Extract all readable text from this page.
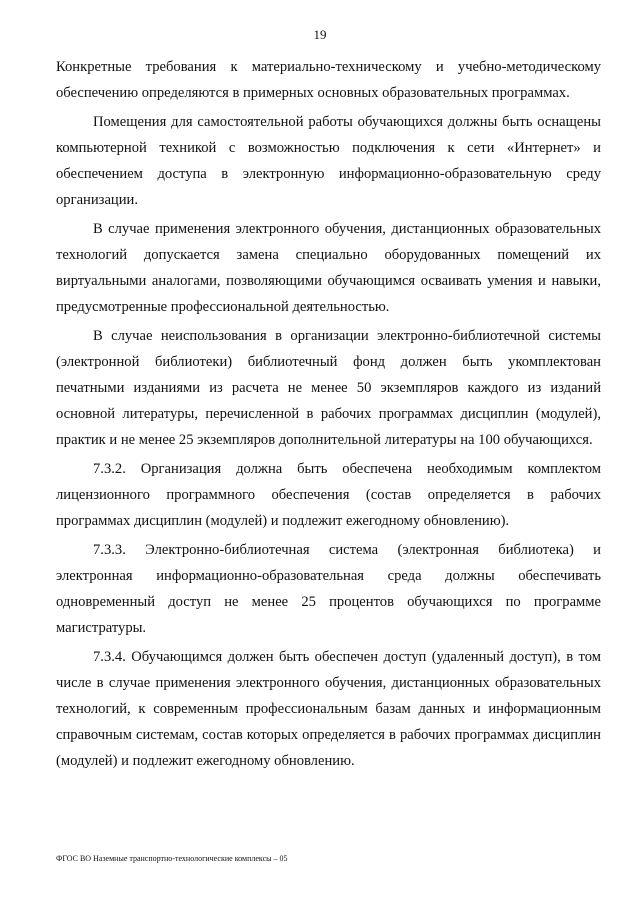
19

Конкретные требования к материально-техническому и учебно-методическому обеспечению определяются в примерных основных образовательных программах.

Помещения для самостоятельной работы обучающихся должны быть оснащены компьютерной техникой с возможностью подключения к сети «Интернет» и обеспечением доступа в электронную информационно-образовательную среду организации.

В случае применения электронного обучения, дистанционных образовательных технологий допускается замена специально оборудованных помещений их виртуальными аналогами, позволяющими обучающимся осваивать умения и навыки, предусмотренные профессиональной деятельностью.

В случае неиспользования в организации электронно-библиотечной системы (электронной библиотеки) библиотечный фонд должен быть укомплектован печатными изданиями из расчета не менее 50 экземпляров каждого из изданий основной литературы, перечисленной в рабочих программах дисциплин (модулей), практик и не менее 25 экземпляров дополнительной литературы на 100 обучающихся.

7.3.2. Организация должна быть обеспечена необходимым комплектом лицензионного программного обеспечения (состав определяется в рабочих программах дисциплин (модулей) и подлежит ежегодному обновлению).

7.3.3. Электронно-библиотечная система (электронная библиотека) и электронная информационно-образовательная среда должны обеспечивать одновременный доступ не менее 25 процентов обучающихся по программе магистратуры.

7.3.4. Обучающимся должен быть обеспечен доступ (удаленный доступ), в том числе в случае применения электронного обучения, дистанционных образовательных технологий, к современным профессиональным базам данных и информационным справочным системам, состав которых определяется в рабочих программах дисциплин (модулей) и подлежит ежегодному обновлению.

ФГОС ВО Наземные транспортно-технологические комплексы – 05
